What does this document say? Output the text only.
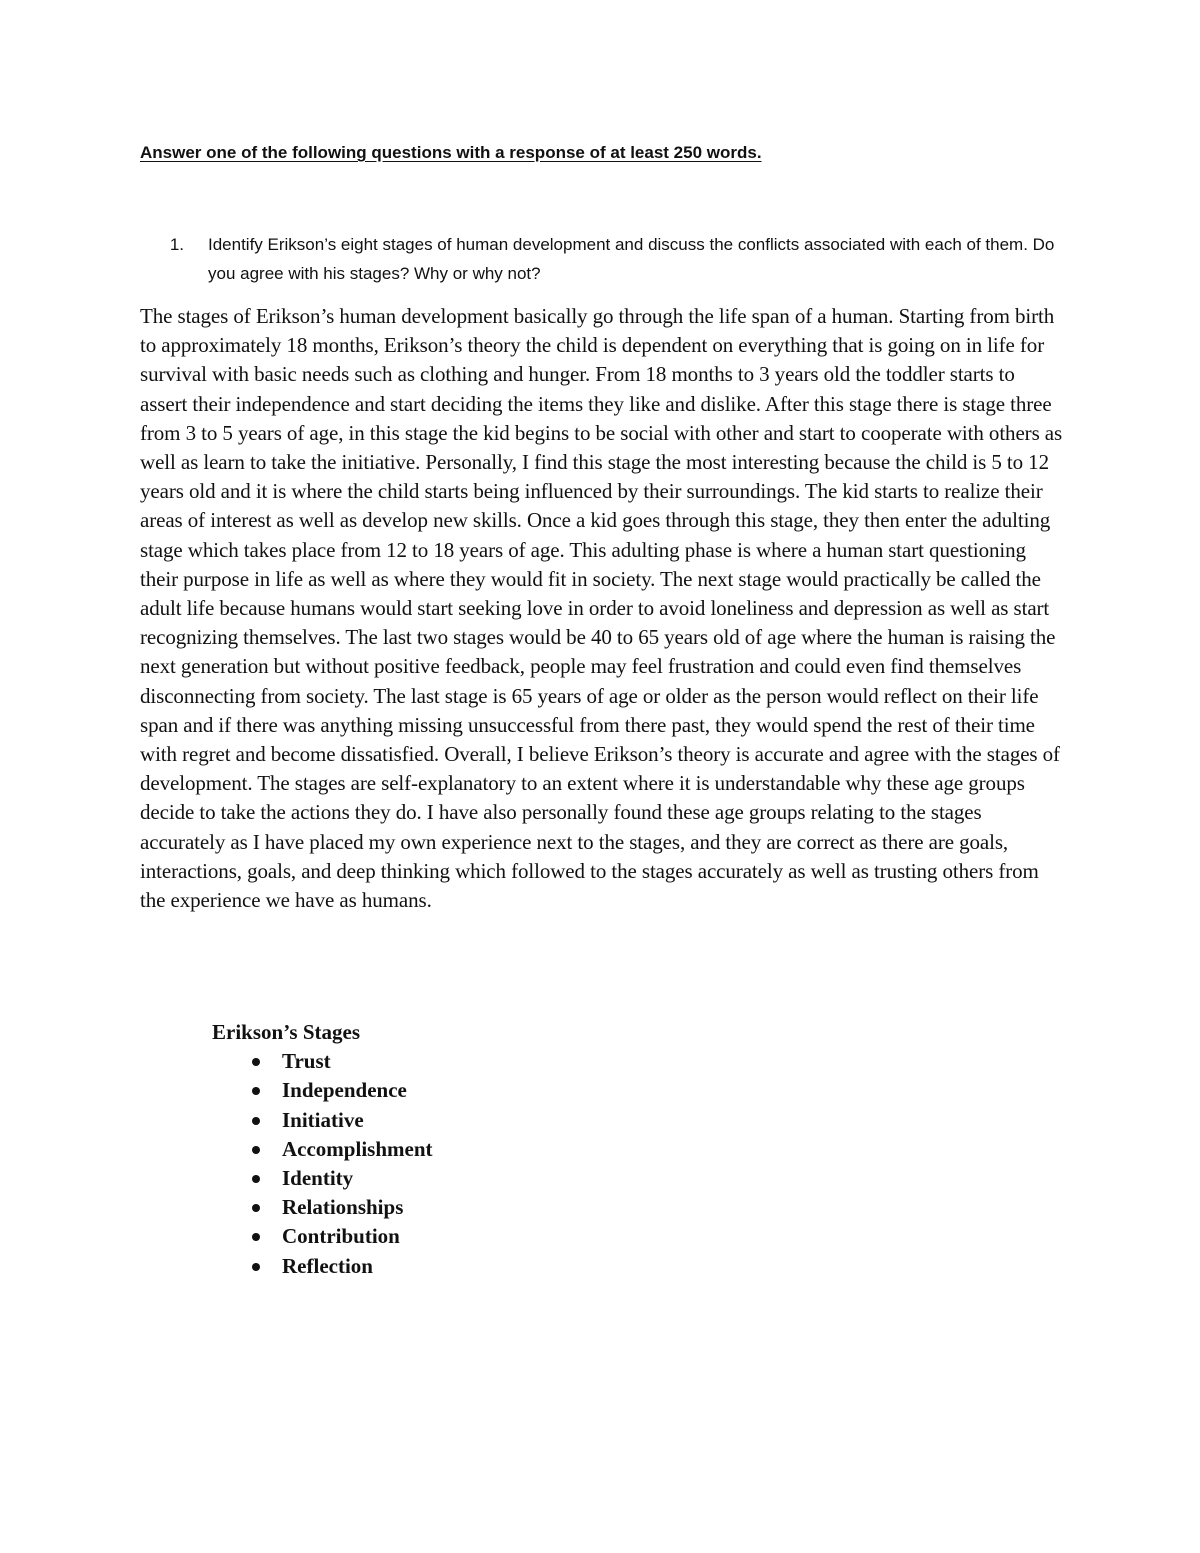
Answer one of the following questions with a response of at least 250 words.
1.	Identify Erikson’s eight stages of human development and discuss the conflicts associated with each of them. Do you agree with his stages? Why or why not?
The stages of Erikson’s human development basically go through the life span of a human. Starting from birth to approximately 18 months, Erikson’s theory the child is dependent on everything that is going on in life for survival with basic needs such as clothing and hunger. From 18 months to 3 years old the toddler starts to assert their independence and start deciding the items they like and dislike. After this stage there is stage three from 3 to 5 years of age, in this stage the kid begins to be social with other and start to cooperate with others as well as learn to take the initiative. Personally, I find this stage the most interesting because the child is 5 to 12 years old and it is where the child starts being influenced by their surroundings. The kid starts to realize their areas of interest as well as develop new skills. Once a kid goes through this stage, they then enter the adulting stage which takes place from 12 to 18 years of age. This adulting phase is where a human start questioning their purpose in life as well as where they would fit in society. The next stage would practically be called the adult life because humans would start seeking love in order to avoid loneliness and depression as well as start recognizing themselves. The last two stages would be 40 to 65 years old of age where the human is raising the next generation but without positive feedback, people may feel frustration and could even find themselves disconnecting from society. The last stage is 65 years of age or older as the person would reflect on their life span and if there was anything missing unsuccessful from there past, they would spend the rest of their time with regret and become dissatisfied. Overall, I believe Erikson’s theory is accurate and agree with the stages of development. The stages are self-explanatory to an extent where it is understandable why these age groups decide to take the actions they do. I have also personally found these age groups relating to the stages accurately as I have placed my own experience next to the stages, and they are correct as there are goals, interactions, goals, and deep thinking which followed to the stages accurately as well as trusting others from the experience we have as humans.
Erikson’s Stages
Trust
Independence
Initiative
Accomplishment
Identity
Relationships
Contribution
Reflection
